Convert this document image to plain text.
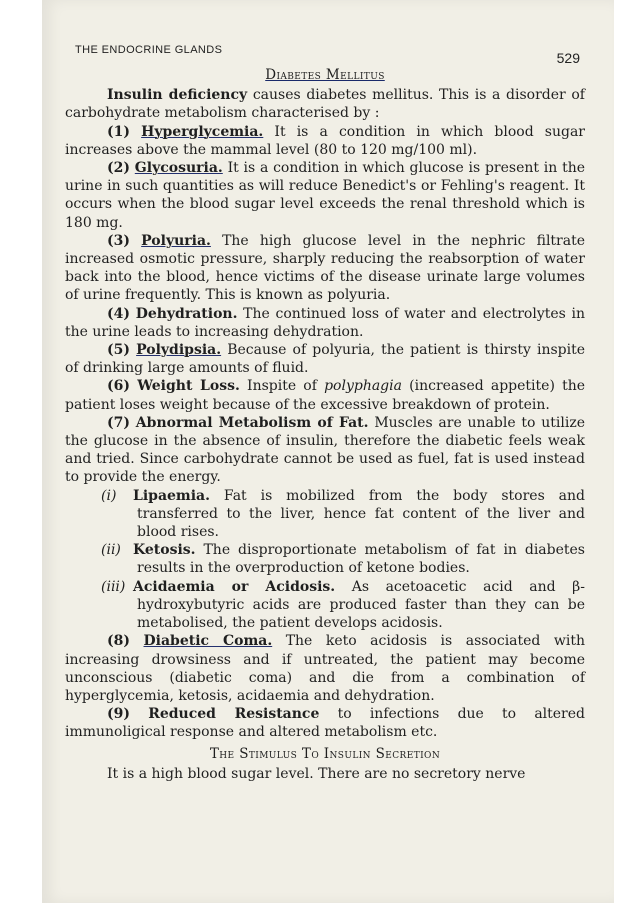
THE ENDOCRINE GLANDS	529
Diabetes Mellitus

Insulin deficiency causes diabetes mellitus. This is a disorder of carbohydrate metabolism characterised by :

(1) Hyperglycemia. It is a condition in which blood sugar increases above the mammal level (80 to 120 mg/100 ml).

(2) Glycosuria. It is a condition in which glucose is present in the urine in such quantities as will reduce Benedict's or Fehling's reagent. It occurs when the blood sugar level exceeds the renal threshold which is 180 mg.

(3) Polyuria. The high glucose level in the nephric filtrate increased osmotic pressure, sharply reducing the reabsorption of water back into the blood, hence victims of the disease urinate large volumes of urine frequently. This is known as polyuria.

(4) Dehydration. The continued loss of water and electrolytes in the urine leads to increasing dehydration.

(5) Polydipsia. Because of polyuria, the patient is thirsty inspite of drinking large amounts of fluid.

(6) Weight Loss. Inspite of polyphagia (increased appetite) the patient loses weight because of the excessive breakdown of protein.

(7) Abnormal Metabolism of Fat. Muscles are unable to utilize the glucose in the absence of insulin, therefore the diabetic feels weak and tried. Since carbohydrate cannot be used as fuel, fat is used instead to provide the energy.

(i) Lipaemia. Fat is mobilized from the body stores and transferred to the liver, hence fat content of the liver and blood rises.
(ii) Ketosis. The disproportionate metabolism of fat in diabetes results in the overproduction of ketone bodies.
(iii) Acidaemia or Acidosis. As acetoacetic acid and β-hydroxybutyric acids are produced faster than they can be metabolised, the patient develops acidosis.

(8) Diabetic Coma. The keto acidosis is associated with increasing drowsiness and if untreated, the patient may become unconscious (diabetic coma) and die from a combination of hyperglycemia, ketosis, acidaemia and dehydration.

(9) Reduced Resistance to infections due to altered immunoligical response and altered metabolism etc.

The Stimulus To Insulin Secretion

It is a high blood sugar level. There are no secretory nerve
